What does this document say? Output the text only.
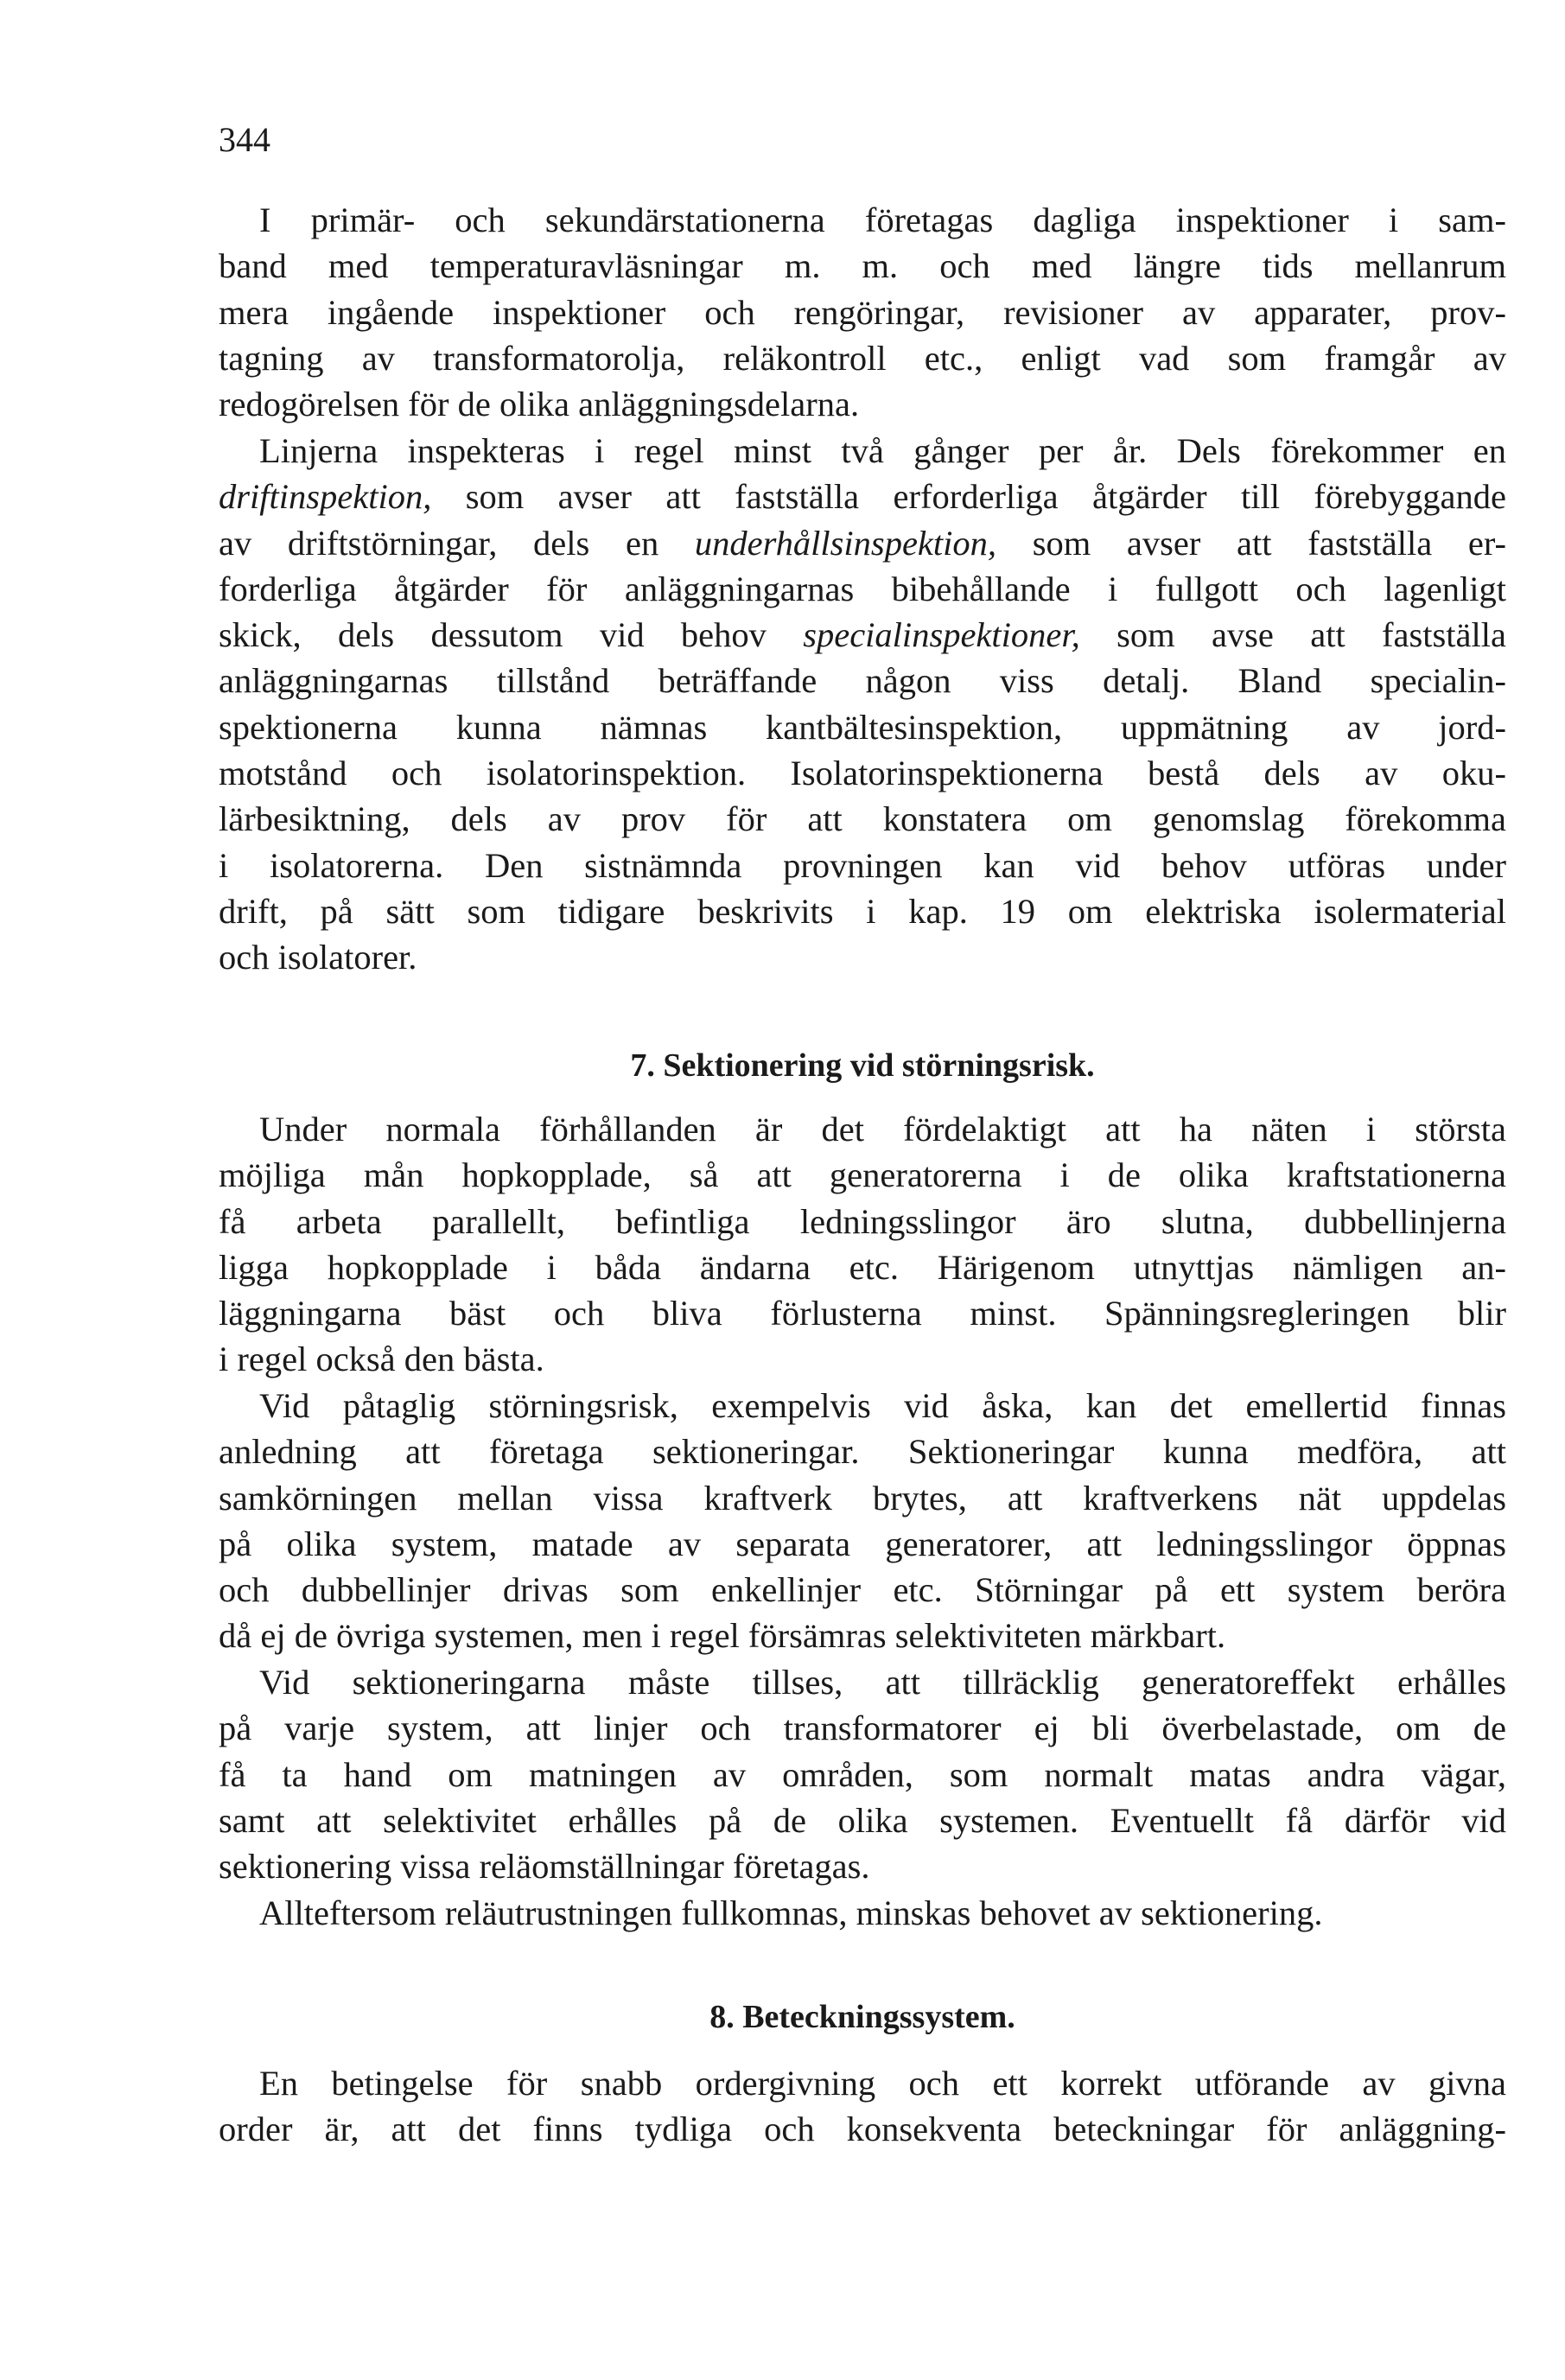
344
I primär- och sekundärstationerna företagas dagliga inspektioner i sam-
band med temperaturavläsningar m. m. och med längre tids mellanrum
mera ingående inspektioner och rengöringar, revisioner av apparater, prov-
tagning av transformatorolja, reläkontroll etc., enligt vad som framgår av
redogörelsen för de olika anläggningsdelarna.
Linjerna inspekteras i regel minst två gånger per år. Dels förekommer en
driftinspektion, som avser att fastställa erforderliga åtgärder till förebyggande
av driftstörningar, dels en underhållsinspektion, som avser att fastställa er-
forderliga åtgärder för anläggningarnas bibehållande i fullgott och lagenligt
skick, dels dessutom vid behov specialinspektioner, som avse att fastställa
anläggningarnas tillstånd beträffande någon viss detalj. Bland specialin-
spektionerna kunna nämnas kantbältesinspektion, uppmätning av jord-
motstånd och isolatorinspektion. Isolatorinspektionerna bestå dels av oku-
lärbesiktning, dels av prov för att konstatera om genomslag förekomma
i isolatorerna. Den sistnämnda provningen kan vid behov utföras under
drift, på sätt som tidigare beskrivits i kap. 19 om elektriska isolermaterial
och isolatorer.
7. Sektionering vid störningsrisk.
Under normala förhållanden är det fördelaktigt att ha näten i största
möjliga mån hopkopplade, så att generatorerna i de olika kraftstationerna
få arbeta parallellt, befintliga ledningsslingor äro slutna, dubbellinjerna
ligga hopkopplade i båda ändarna etc. Härigenom utnyttjas nämligen an-
läggningarna bäst och bliva förlusterna minst. Spänningsregleringen blir
i regel också den bästa.
Vid påtaglig störningsrisk, exempelvis vid åska, kan det emellertid finnas
anledning att företaga sektioneringar. Sektioneringar kunna medföra, att
samkörningen mellan vissa kraftverk brytes, att kraftverkens nät uppdelas
på olika system, matade av separata generatorer, att ledningsslingor öppnas
och dubbellinjer drivas som enkellinjer etc. Störningar på ett system beröra
då ej de övriga systemen, men i regel försämras selektiviteten märkbart.
Vid sektioneringarna måste tillses, att tillräcklig generatoreffekt erhålles
på varje system, att linjer och transformatorer ej bli överbelastade, om de
få ta hand om matningen av områden, som normalt matas andra vägar,
samt att selektivitet erhålles på de olika systemen. Eventuellt få därför vid
sektionering vissa reläomställningar företagas.
Allteftersom reläutrustningen fullkomnas, minskas behovet av sektionering.
8. Beteckningssystem.
En betingelse för snabb ordergivning och ett korrekt utförande av givna
order är, att det finns tydliga och konsekventa beteckningar för anläggning-
